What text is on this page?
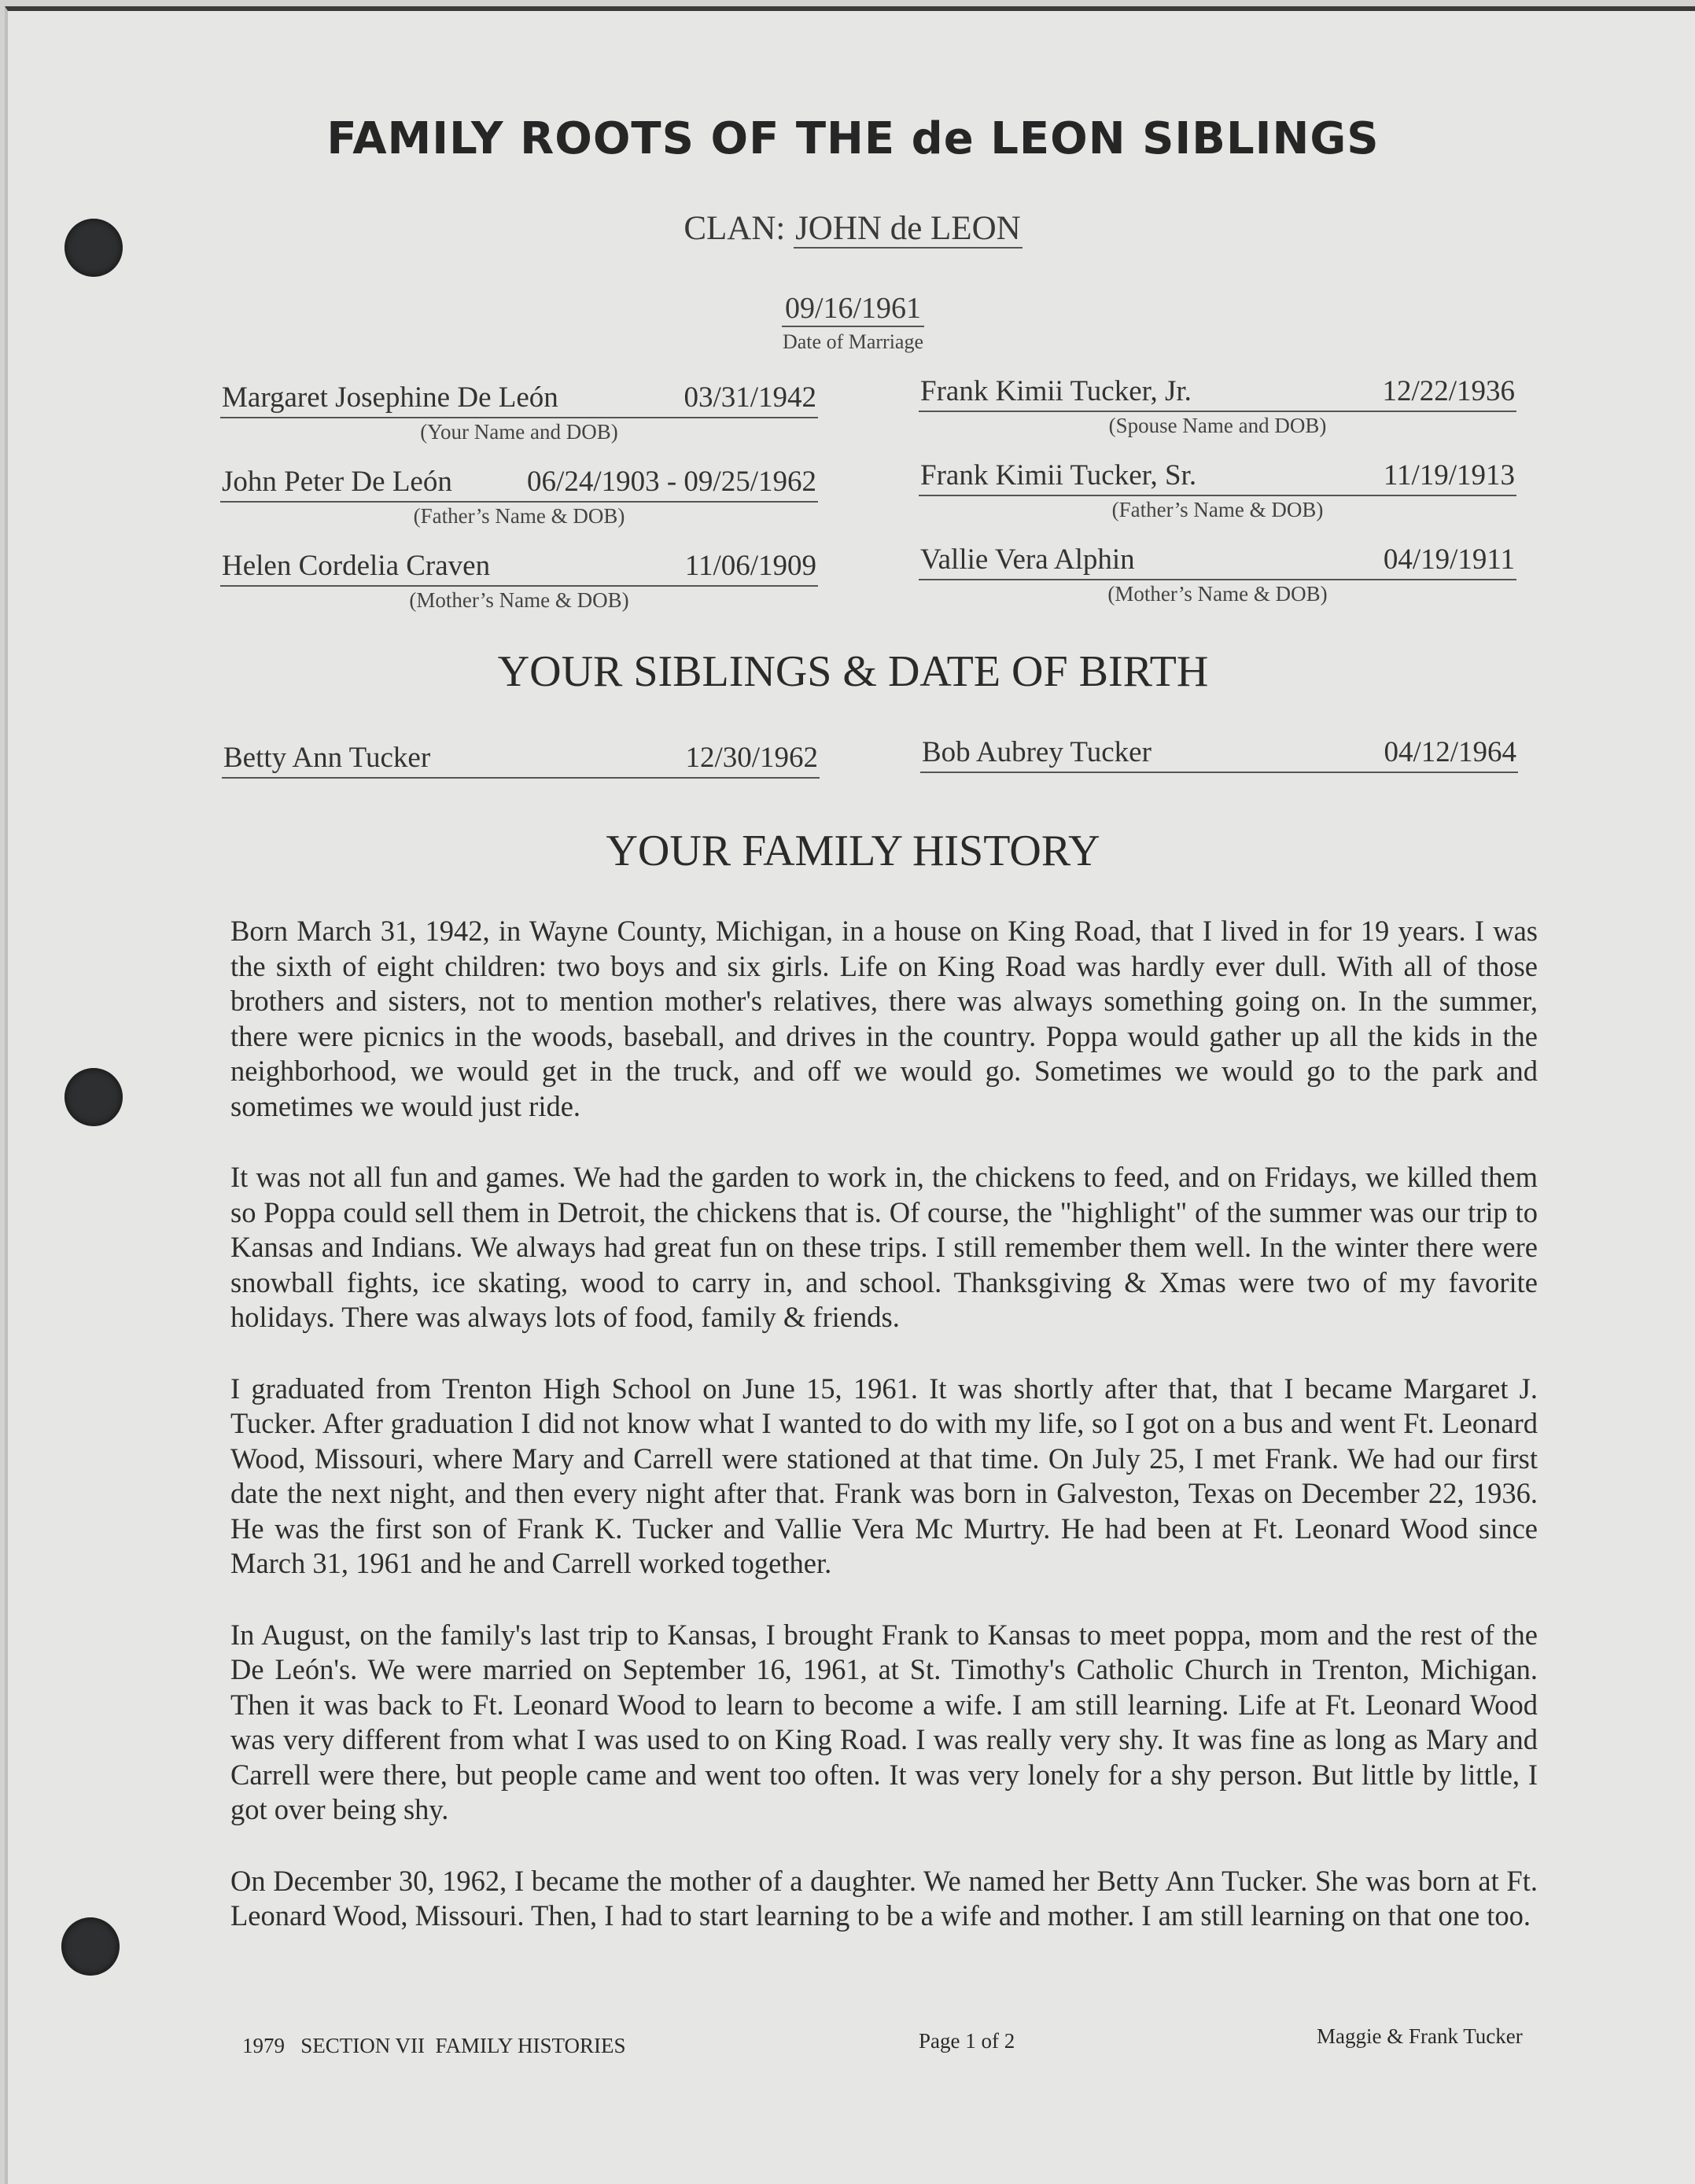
FAMILY ROOTS OF THE de LEON SIBLINGS
CLAN: JOHN de LEON
09/16/1961
Date of Marriage
Margaret Josephine De León	03/31/1942
(Your Name and DOB)
John Peter De León	06/24/1903 - 09/25/1962
(Father’s Name & DOB)
Helen Cordelia Craven	11/06/1909
(Mother’s Name & DOB)
Frank Kimii Tucker, Jr.	12/22/1936
(Spouse Name and DOB)
Frank Kimii Tucker, Sr.	11/19/1913
(Father’s Name & DOB)
Vallie Vera Alphin	04/19/1911
(Mother’s Name & DOB)
YOUR SIBLINGS & DATE OF BIRTH
Betty Ann Tucker	12/30/1962	Bob Aubrey Tucker	04/12/1964
YOUR FAMILY HISTORY

Born March 31, 1942, in Wayne County, Michigan, in a house on King Road, that I lived in for 19 years. I was the sixth of eight children: two boys and six girls. Life on King Road was hardly ever dull. With all of those brothers and sisters, not to mention mother's relatives, there was always something going on. In the summer, there were picnics in the woods, baseball, and drives in the country. Poppa would gather up all the kids in the neighborhood, we would get in the truck, and off we would go. Sometimes we would go to the park and sometimes we would just ride.

It was not all fun and games. We had the garden to work in, the chickens to feed, and on Fridays, we killed them so Poppa could sell them in Detroit, the chickens that is. Of course, the "highlight" of the summer was our trip to Kansas and Indians. We always had great fun on these trips. I still remember them well. In the winter there were snowball fights, ice skating, wood to carry in, and school. Thanksgiving & Xmas were two of my favorite holidays. There was always lots of food, family & friends.

I graduated from Trenton High School on June 15, 1961. It was shortly after that, that I became Margaret J. Tucker. After graduation I did not know what I wanted to do with my life, so I got on a bus and went Ft. Leonard Wood, Missouri, where Mary and Carrell were stationed at that time. On July 25, I met Frank. We had our first date the next night, and then every night after that. Frank was born in Galveston, Texas on December 22, 1936. He was the first son of Frank K. Tucker and Vallie Vera Mc Murtry. He had been at Ft. Leonard Wood since March 31, 1961 and he and Carrell worked together.

In August, on the family's last trip to Kansas, I brought Frank to Kansas to meet poppa, mom and the rest of the De León's. We were married on September 16, 1961, at St. Timothy's Catholic Church in Trenton, Michigan. Then it was back to Ft. Leonard Wood to learn to become a wife. I am still learning. Life at Ft. Leonard Wood was very different from what I was used to on King Road. I was really very shy. It was fine as long as Mary and Carrell were there, but people came and went too often. It was very lonely for a shy person. But little by little, I got over being shy.

On December 30, 1962, I became the mother of a daughter. We named her Betty Ann Tucker. She was born at Ft. Leonard Wood, Missouri. Then, I had to start learning to be a wife and mother. I am still learning on that one too.

1979   SECTION VII  FAMILY HISTORIES	Page 1 of 2	Maggie & Frank Tucker
